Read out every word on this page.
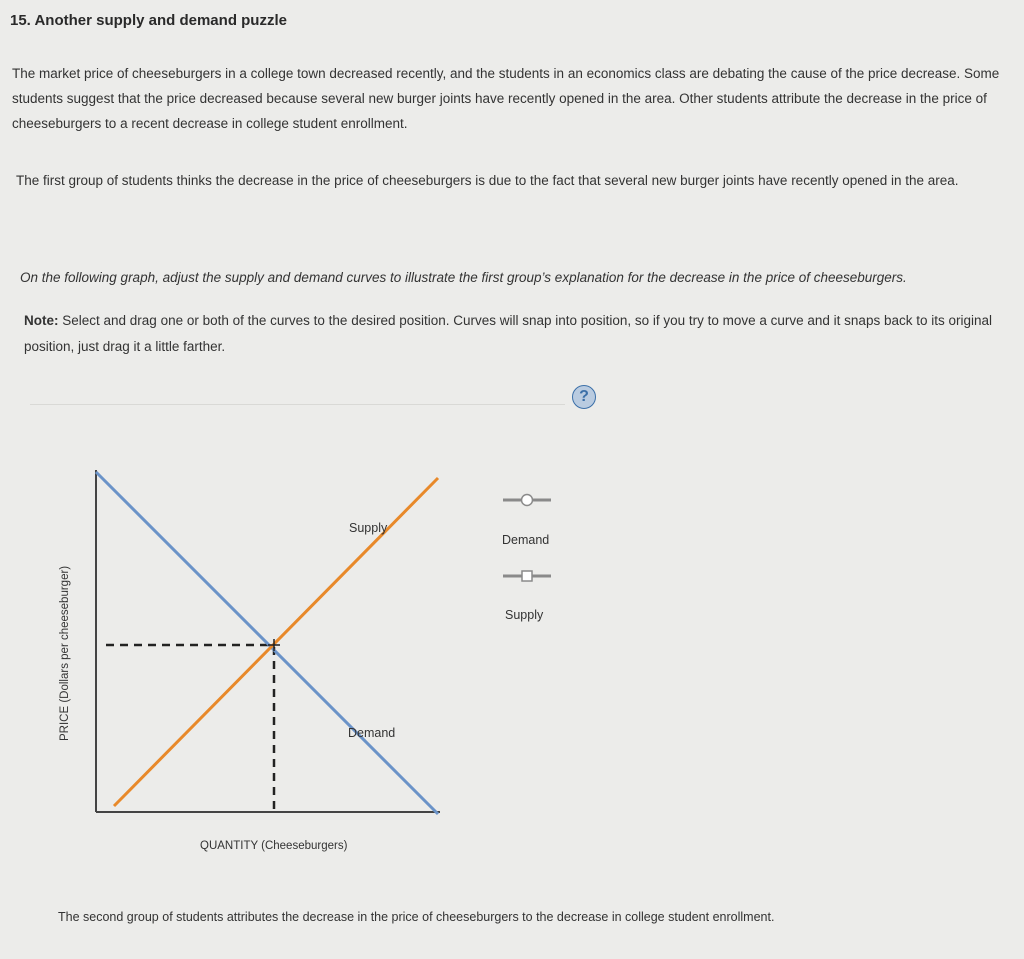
15. Another supply and demand puzzle
The market price of cheeseburgers in a college town decreased recently, and the students in an economics class are debating the cause of the price decrease. Some students suggest that the price decreased because several new burger joints have recently opened in the area. Other students attribute the decrease in the price of cheeseburgers to a recent decrease in college student enrollment.
The first group of students thinks the decrease in the price of cheeseburgers is due to the fact that several new burger joints have recently opened in the area.
On the following graph, adjust the supply and demand curves to illustrate the first group’s explanation for the decrease in the price of cheeseburgers.
Note: Select and drag one or both of the curves to the desired position. Curves will snap into position, so if you try to move a curve and it snaps back to its original position, just drag it a little farther.
?
Supply
Demand
PRICE (Dollars per cheeseburger)
QUANTITY (Cheeseburgers)
Demand
Supply
The second group of students attributes the decrease in the price of cheeseburgers to the decrease in college student enrollment.
